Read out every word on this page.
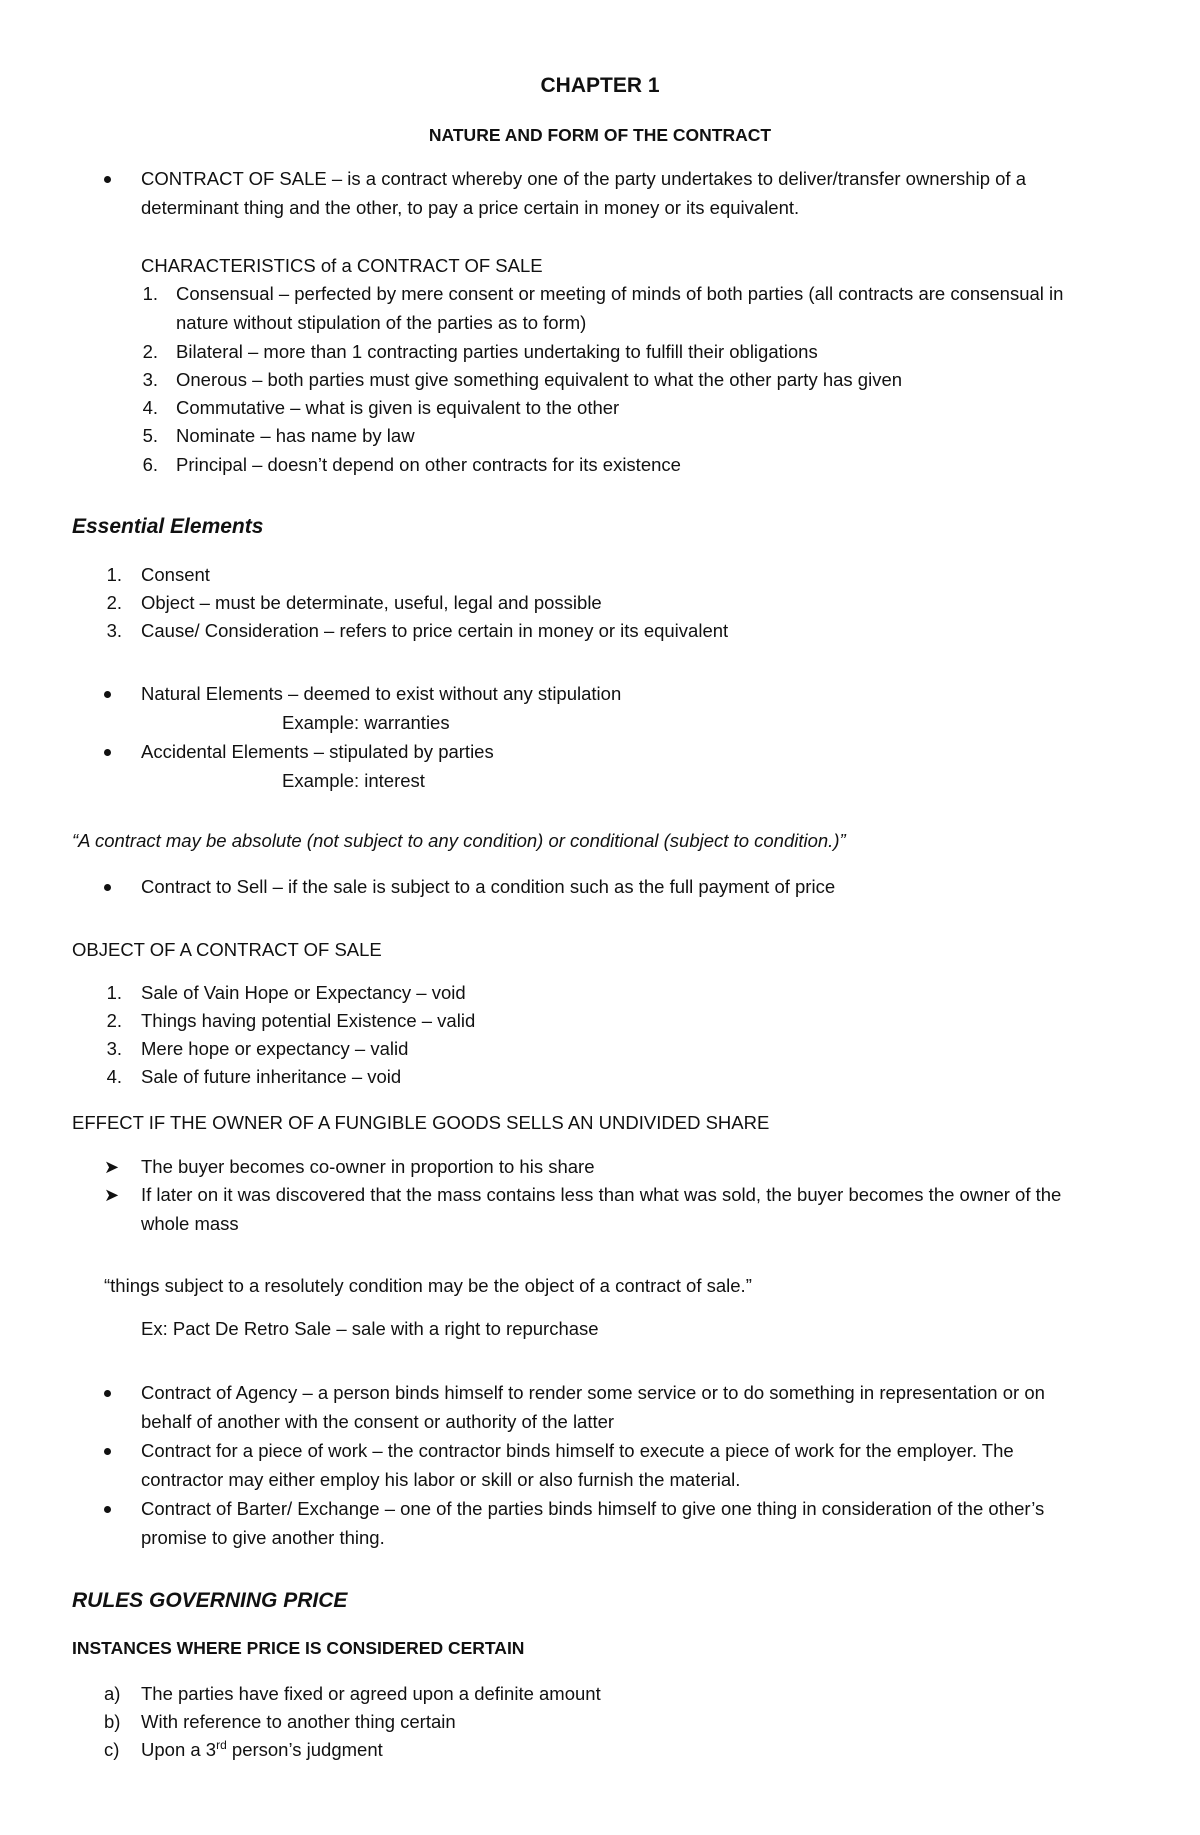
CHAPTER 1
NATURE AND FORM OF THE CONTRACT
CONTRACT OF SALE – is a contract whereby one of the party undertakes to deliver/transfer ownership of a
determinant thing and the other, to pay a price certain in money or its equivalent.
CHARACTERISTICS of a CONTRACT OF SALE
1. Consensual – perfected by mere consent or meeting of minds of both parties (all contracts are consensual in
nature without stipulation of the parties as to form)
2. Bilateral – more than 1 contracting parties undertaking to fulfill their obligations
3. Onerous – both parties must give something equivalent to what the other party has given
4. Commutative – what is given is equivalent to the other
5. Nominate – has name by law
6. Principal – doesn’t depend on other contracts for its existence
Essential Elements
1. Consent
2. Object – must be determinate, useful, legal and possible
3. Cause/ Consideration – refers to price certain in money or its equivalent
Natural Elements – deemed to exist without any stipulation
Example: warranties
Accidental Elements – stipulated by parties
Example: interest
“A contract may be absolute (not subject to any condition) or conditional (subject to condition.)”
Contract to Sell – if the sale is subject to a condition such as the full payment of price
OBJECT OF A CONTRACT OF SALE
1. Sale of Vain Hope or Expectancy – void
2. Things having potential Existence – valid
3. Mere hope or expectancy – valid
4. Sale of future inheritance – void
EFFECT IF THE OWNER OF A FUNGIBLE GOODS SELLS AN UNDIVIDED SHARE
➤ The buyer becomes co-owner in proportion to his share
➤ If later on it was discovered that the mass contains less than what was sold, the buyer becomes the owner of the
whole mass
“things subject to a resolutely condition may be the object of a contract of sale.”
Ex: Pact De Retro Sale – sale with a right to repurchase
Contract of Agency – a person binds himself to render some service or to do something in representation or on
behalf of another with the consent or authority of the latter
Contract for a piece of work – the contractor binds himself to execute a piece of work for the employer. The
contractor may either employ his labor or skill or also furnish the material.
Contract of Barter/ Exchange – one of the parties binds himself to give one thing in consideration of the other’s
promise to give another thing.
RULES GOVERNING PRICE
INSTANCES WHERE PRICE IS CONSIDERED CERTAIN
a) The parties have fixed or agreed upon a definite amount
b) With reference to another thing certain
c) Upon a 3rd person’s judgment
